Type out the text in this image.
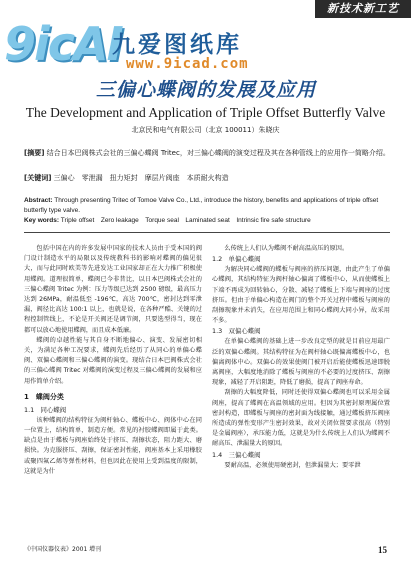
9icAI
九爱图纸库
www.9icad.com
新技术新工艺
三偏心蝶阀的发展及应用
The Development and Application of Triple Offset Butterfly Valve
北京民和电气有限公司（北京 100011）朱晓庆
[摘要] 结合日本巴阀株式会社的三偏心蝶阀 Tritec，对三偏心蝶阀的演变过程及其在各种管线上的应用作一简略介绍。
[关键词] 三偏心　零泄漏　扭力矩封　摩层片阀座　本质耐火构造
Abstract: Through presenting Tritec of Tomoe Valve Co., Ltd., introduce the history, benefits and applications of triple offset butterfly type valve.
Key words: Triple offset　Zero leakage　Torque seal　Laminated seat　Intrinsic fire safe structure

包括中国在内的许多发展中国家的技术人员由于受本国的阀门设计制造水平的局限以及传统教科书的影响对蝶阀的偏见很大，而与此同时欧美等先进发达工业国家却正在大力推广积极使用蝶阀。道理很简单，蝶阀已今非昔比，以日本巴阀株式会社的三偏心蝶阀 Tritec 为例：压力等级已达到 2500 磅级，最高压力达到 26MPa，耐温低至 -196℃，高达 700℃，密封达到零泄漏，阀径比高达 100:1 以上，也就是说，在各种严酷、关键的过程控制管线上，不论是开关阀还是调节阀，只要选型得当，现在都可以放心地使用蝶阀，而且成本低廉。

蝶阀的卓越性能与其自身不断地偏心、演变、发展密切相关，为满足各种工况要求，蝶阀先后经历了从同心的单偏心蝶阀、双偏心蝶阀和三偏心蝶阀的演变。现结合日本巴阀株式会社的三偏心蝶阀 Tritec 对蝶阀的演变过程及三偏心蝶阀的发展和应用作简单介绍。

1　蝶阀分类
1.1　同心蝶阀

该种蝶阀的结构特征为阀杆轴心、蝶板中心、阀体中心在同一位置上，结构简单，制造方便。常见的衬胶蝶阀即属于此类。缺点是由于蝶板与阀座始终处于挤压、刮擦状态，阻力距大、磨损快。为克服挤压、刮擦，保证密封性能，阀座基本上采用橡胶或聚四氟乙烯等弹性材料，但也因此在使用上受到温度的限制，这就是为什

么传统上人们认为蝶阀不耐高温高压的原因。

1.2　单偏心蝶阀

为解决同心蝶阀的蝶板与阀座的挤压问题，由此产生了单偏心蝶阀，其结构特征为阀杆轴心偏离了蝶板中心，从而使蝶板上下端不再成为回转轴心，分散、减轻了蝶板上下端与阀座的过度挤压。但由于单偏心构造在阀门的整个开关过程中蝶板与阀座的刮擦现象并未消失，在应用范围上和同心蝶阀大同小异，故采用不多。

1.3　双偏心蝶阀

在单偏心蝶阀的基础上进一步改良定型的就是目前应用最广泛的双偏心蝶阀。其结构特征为在阀杆轴心既偏离蝶板中心，也偏离阀体中心。双偏心的效果使阀门被开启后能使蝶板迅速即脱离阀座，大幅度地消除了蝶板与阀座的不必要的过度挤压、刮擦现象，减轻了开启阻距，降低了磨损，提高了阀座寿命。

刮擦的大幅度降低，同时还使得双偏心蝶阀也可以采用金属阀座，提高了蝶阀在高温领域的应用。但因为其密封原理属位置密封构造，即蝶板与阀座的密封面为线接触，通过蝶板挤压阀座所造成的弹性变形产生密封效果，故对关闭位置要求很高（特别是金属阀座），承压能力低，这就是为什么传统上人们认为蝶阀不耐高压、泄漏量大的原因。

1.4　三偏心蝶阀

要耐高温，必须使用硬密封，但泄漏量大；要零泄

《中国仪器仪表》2001 增刊	15
